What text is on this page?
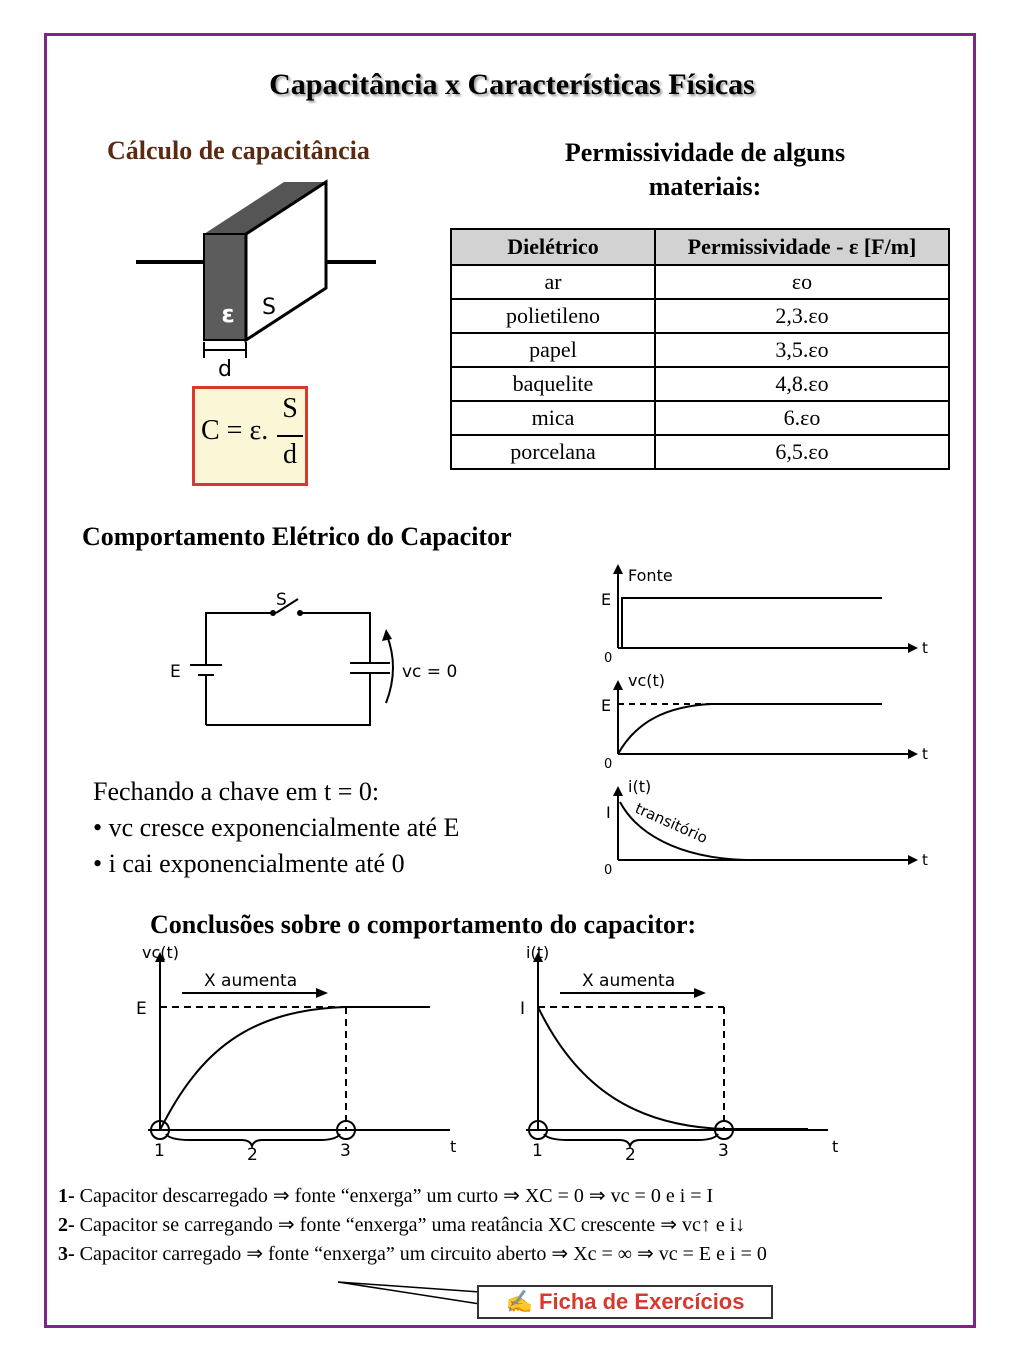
Capacitância x Características Físicas
Cálculo de capacitância	Permissividade de alguns
materiais:
ε S
d
C = ε.
S
d
Dielétrico	Permissividade - ε [F/m]
ar	εo
polietileno	2,3.εo
papel	3,5.εo
baquelite	4,8.εo
mica	6.εo
porcelana	6,5.εo
Comportamento Elétrico do Capacitor
S
E	vc = 0
Fonte
E
0
t
vc(t)
E
0
t
i(t)
I
0
t
transitório
Fechando a chave em t = 0:
• vc cresce exponencialmente até E
• i cai exponencialmente até 0
Conclusões sobre o comportamento do capacitor:
vc(t)
E
X aumenta
t
1	2	3
i(t)
I
X aumenta
t
1	2	3
1- Capacitor descarregado ⇒ fonte “enxerga” um curto ⇒ XC = 0 ⇒ vc = 0 e i = I
2- Capacitor se carregando ⇒ fonte “enxerga” uma reatância XC crescente ⇒ vc↑ e i↓
3- Capacitor carregado ⇒ fonte “enxerga” um circuito aberto ⇒ Xc = ∞ ⇒ vc = E e i = 0
✍ Ficha de Exercícios
